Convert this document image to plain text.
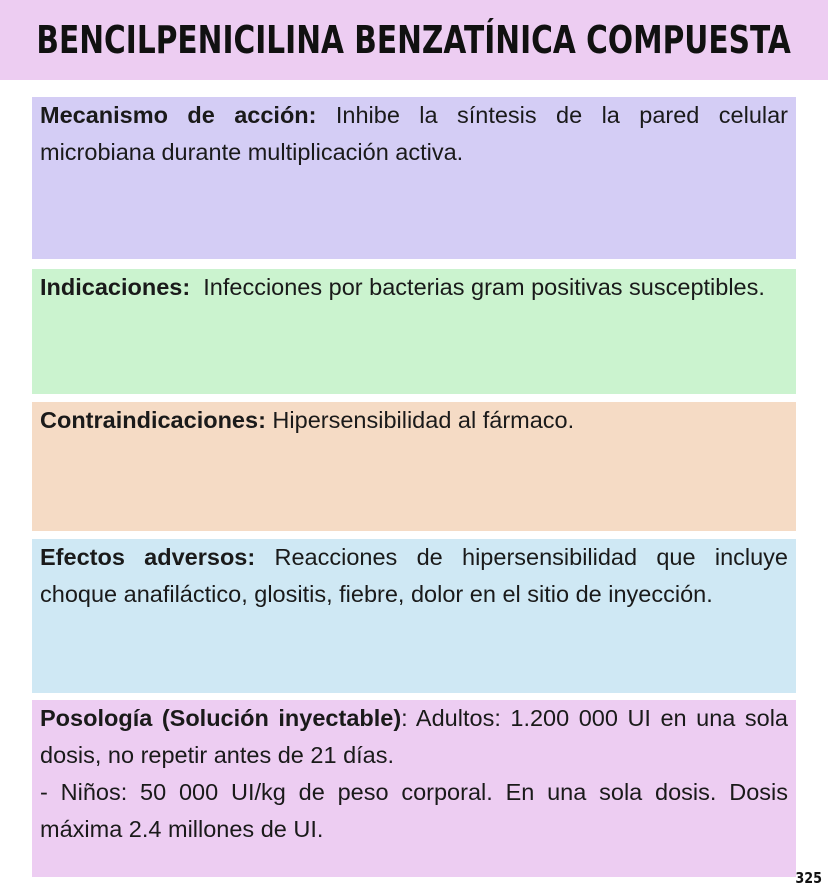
BENCILPENICILINA BENZATÍNICA COMPUESTA
Mecanismo de acción: Inhibe la síntesis de la pared celular microbiana durante multiplicación activa.
Indicaciones:  Infecciones por bacterias gram positivas susceptibles.
Contraindicaciones: Hipersensibilidad al fármaco.
Efectos adversos: Reacciones de hipersensibilidad que incluye choque anafiláctico, glositis, fiebre, dolor en el sitio de inyección.
Posología (Solución inyectable): Adultos: 1.200 000 UI en una sola dosis, no repetir antes de 21 días.
- Niños: 50 000 UI/kg de peso corporal. En una sola dosis. Dosis máxima 2.4 millones de UI.
325
